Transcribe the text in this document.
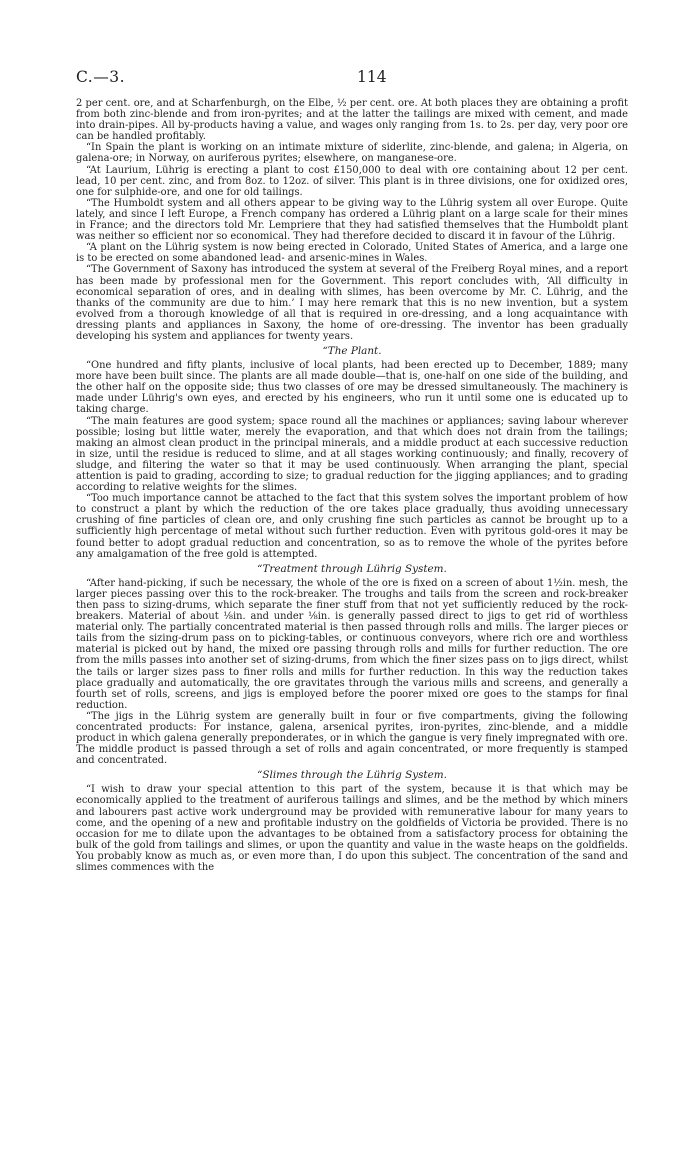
C.—3.	114

2 per cent. ore, and at Scharfenburgh, on the Elbe, ½ per cent. ore. At both places they are obtaining a profit from both zinc-blende and from iron-pyrites; and at the latter the tailings are mixed with cement, and made into drain-pipes. All by-products having a value, and wages only ranging from 1s. to 2s. per day, very poor ore can be handled profitably.

“In Spain the plant is working on an intimate mixture of siderlite, zinc-blende, and galena; in Algeria, on galena-ore; in Norway, on auriferous pyrites; elsewhere, on manganese-ore.

“At Laurium, Lührig is erecting a plant to cost £150,000 to deal with ore containing about 12 per cent. lead, 10 per cent. zinc, and from 8oz. to 12oz. of silver. This plant is in three divisions, one for oxidized ores, one for sulphide-ore, and one for old tailings.

“The Humboldt system and all others appear to be giving way to the Lührig system all over Europe. Quite lately, and since I left Europe, a French company has ordered a Lührig plant on a large scale for their mines in France; and the directors told Mr. Lempriere that they had satisfied themselves that the Humboldt plant was neither so efficient nor so economical. They had therefore decided to discard it in favour of the Lührig.

“A plant on the Lührig system is now being erected in Colorado, United States of America, and a large one is to be erected on some abandoned lead- and arsenic-mines in Wales.

“The Government of Saxony has introduced the system at several of the Freiberg Royal mines, and a report has been made by professional men for the Government. This report concludes with, ‘All difficulty in economical separation of ores, and in dealing with slimes, has been overcome by Mr. C. Lührig, and the thanks of the community are due to him.’ I may here remark that this is no new invention, but a system evolved from a thorough knowledge of all that is required in ore-dressing, and a long acquaintance with dressing plants and appliances in Saxony, the home of ore-dressing. The inventor has been gradually developing his system and appliances for twenty years.

“The Plant.

“One hundred and fifty plants, inclusive of local plants, had been erected up to December, 1889; many more have been built since. The plants are all made double—that is, one-half on one side of the building, and the other half on the opposite side; thus two classes of ore may be dressed simultaneously. The machinery is made under Lührig's own eyes, and erected by his engineers, who run it until some one is educated up to taking charge.

“The main features are good system; space round all the machines or appliances; saving labour wherever possible; losing but little water, merely the evaporation, and that which does not drain from the tailings; making an almost clean product in the principal minerals, and a middle product at each successive reduction in size, until the residue is reduced to slime, and at all stages working continuously; and finally, recovery of sludge, and filtering the water so that it may be used continuously. When arranging the plant, special attention is paid to grading, according to size; to gradual reduction for the jigging appliances; and to grading according to relative weights for the slimes.

“Too much importance cannot be attached to the fact that this system solves the important problem of how to construct a plant by which the reduction of the ore takes place gradually, thus avoiding unnecessary crushing of fine particles of clean ore, and only crushing fine such particles as cannot be brought up to a sufficiently high percentage of metal without such further reduction. Even with pyritous gold-ores it may be found better to adopt gradual reduction and concentration, so as to remove the whole of the pyrites before any amalgamation of the free gold is attempted.

“Treatment through Lührig System.

“After hand-picking, if such be necessary, the whole of the ore is fixed on a screen of about 1½in. mesh, the larger pieces passing over this to the rock-breaker. The troughs and tails from the screen and rock-breaker then pass to sizing-drums, which separate the finer stuff from that not yet sufficiently reduced by the rock-breakers. Material of about ⅛in. and under ⅛in. is generally passed direct to jigs to get rid of worthless material only. The partially concentrated material is then passed through rolls and mills. The larger pieces or tails from the sizing-drum pass on to picking-tables, or continuous conveyors, where rich ore and worthless material is picked out by hand, the mixed ore passing through rolls and mills for further reduction. The ore from the mills passes into another set of sizing-drums, from which the finer sizes pass on to jigs direct, whilst the tails or larger sizes pass to finer rolls and mills for further reduction. In this way the reduction takes place gradually and automatically, the ore gravitates through the various mills and screens, and generally a fourth set of rolls, screens, and jigs is employed before the poorer mixed ore goes to the stamps for final reduction.

“The jigs in the Lührig system are generally built in four or five compartments, giving the following concentrated products: For instance, galena, arsenical pyrites, iron-pyrites, zinc-blende, and a middle product in which galena generally preponderates, or in which the gangue is very finely impregnated with ore. The middle product is passed through a set of rolls and again concentrated, or more frequently is stamped and concentrated.

“Slimes through the Lührig System.

“I wish to draw your special attention to this part of the system, because it is that which may be economically applied to the treatment of auriferous tailings and slimes, and be the method by which miners and labourers past active work underground may be provided with remunerative labour for many years to come, and the opening of a new and profitable industry on the goldfields of Victoria be provided. There is no occasion for me to dilate upon the advantages to be obtained from a satisfactory process for obtaining the bulk of the gold from tailings and slimes, or upon the quantity and value in the waste heaps on the goldfields. You probably know as much as, or even more than, I do upon this subject. The concentration of the sand and slimes commences with the
